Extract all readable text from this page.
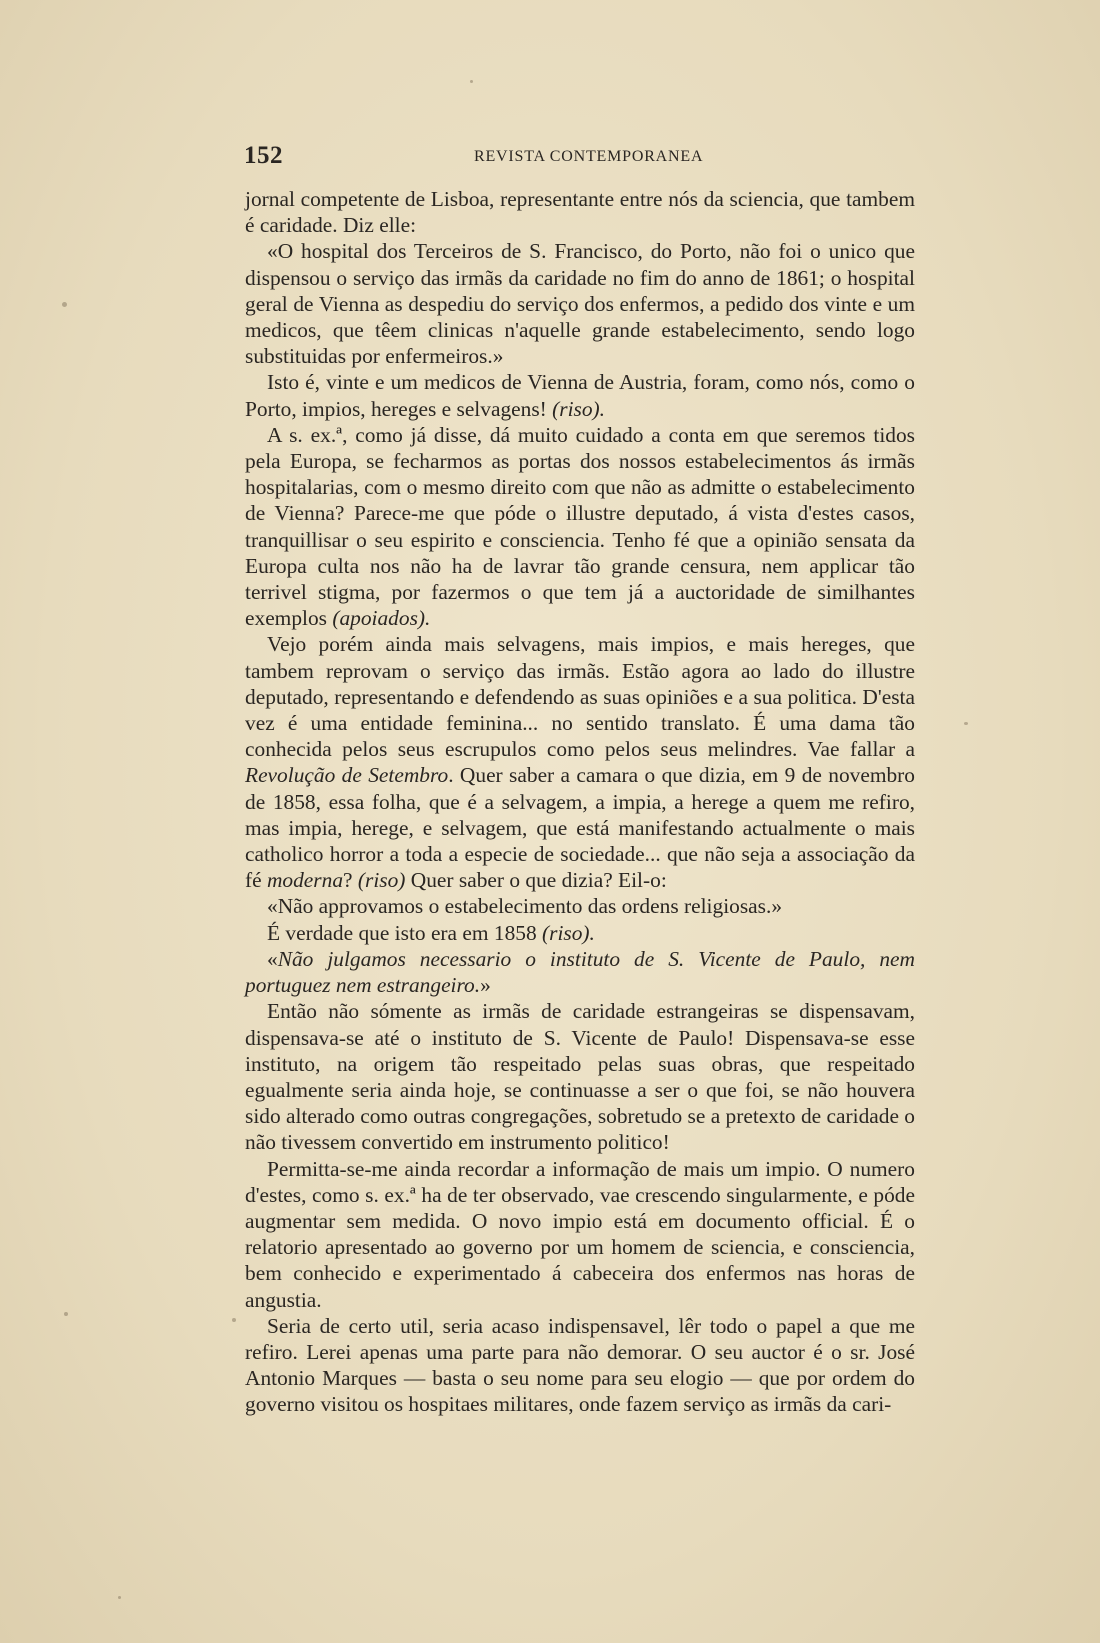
152	REVISTA CONTEMPORANEA

jornal competente de Lisboa, representante entre nós da sciencia, que tambem é caridade. Diz elle:

«O hospital dos Terceiros de S. Francisco, do Porto, não foi o unico que dispensou o serviço das irmãs da caridade no fim do anno de 1861; o hospital geral de Vienna as despediu do serviço dos enfermos, a pedido dos vinte e um medicos, que têem clinicas n'aquelle grande estabelecimento, sendo logo substituidas por enfermeiros.»

Isto é, vinte e um medicos de Vienna de Austria, foram, como nós, como o Porto, impios, hereges e selvagens! (riso).

A s. ex.ª, como já disse, dá muito cuidado a conta em que seremos tidos pela Europa, se fecharmos as portas dos nossos estabelecimentos ás irmãs hospitalarias, com o mesmo direito com que não as admitte o estabelecimento de Vienna? Parece-me que póde o illustre deputado, á vista d'estes casos, tranquillisar o seu espirito e consciencia. Tenho fé que a opinião sensata da Europa culta nos não ha de lavrar tão grande censura, nem applicar tão terrivel stigma, por fazermos o que tem já a auctoridade de similhantes exemplos (apoiados).

Vejo porém ainda mais selvagens, mais impios, e mais hereges, que tambem reprovam o serviço das irmãs. Estão agora ao lado do illustre deputado, representando e defendendo as suas opiniões e a sua politica. D'esta vez é uma entidade feminina... no sentido translato. É uma dama tão conhecida pelos seus escrupulos como pelos seus melindres. Vae fallar a Revolução de Setembro. Quer saber a camara o que dizia, em 9 de novembro de 1858, essa folha, que é a selvagem, a impia, a herege a quem me refiro, mas impia, herege, e selvagem, que está manifestando actualmente o mais catholico horror a toda a especie de sociedade... que não seja a associação da fé moderna? (riso) Quer saber o que dizia? Eil-o:

«Não approvamos o estabelecimento das ordens religiosas.»

É verdade que isto era em 1858 (riso).

«Não julgamos necessario o instituto de S. Vicente de Paulo, nem portuguez nem estrangeiro.»

Então não sómente as irmãs de caridade estrangeiras se dispensavam, dispensava-se até o instituto de S. Vicente de Paulo! Dispensava-se esse instituto, na origem tão respeitado pelas suas obras, que respeitado egualmente seria ainda hoje, se continuasse a ser o que foi, se não houvera sido alterado como outras congregações, sobretudo se a pretexto de caridade o não tivessem convertido em instrumento politico!

Permitta-se-me ainda recordar a informação de mais um impio. O numero d'estes, como s. ex.ª ha de ter observado, vae crescendo singularmente, e póde augmentar sem medida. O novo impio está em documento official. É o relatorio apresentado ao governo por um homem de sciencia, e consciencia, bem conhecido e experimentado á cabeceira dos enfermos nas horas de angustia.

Seria de certo util, seria acaso indispensavel, lêr todo o papel a que me refiro. Lerei apenas uma parte para não demorar. O seu auctor é o sr. José Antonio Marques — basta o seu nome para seu elogio — que por ordem do governo visitou os hospitaes militares, onde fazem serviço as irmãs da cari-
